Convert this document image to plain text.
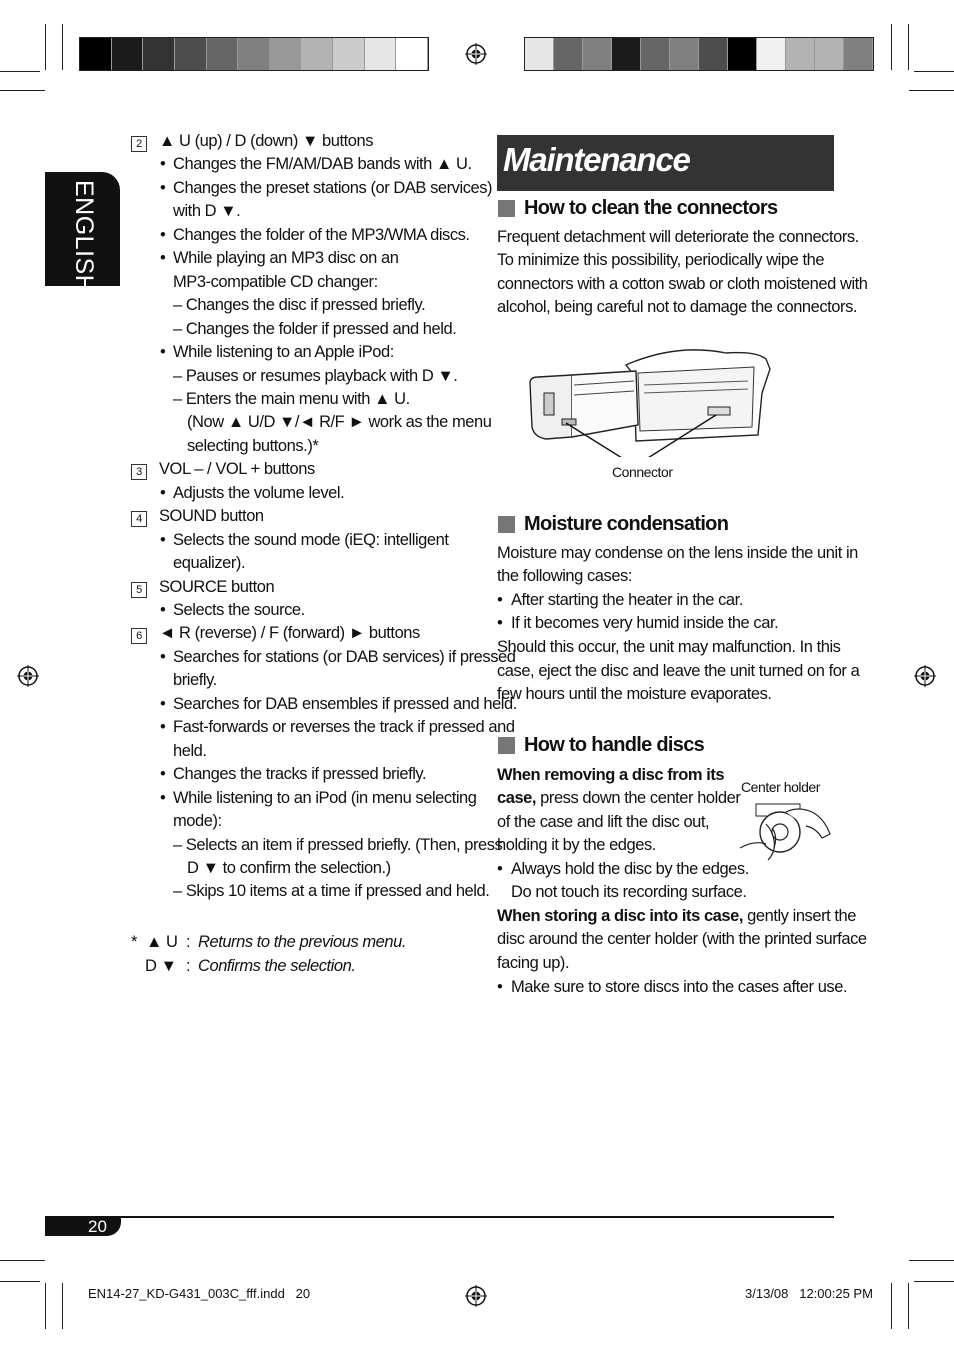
ENGLISH
2	▲ U (up) / D (down) ▼ buttons
• Changes the FM/AM/DAB bands with ▲ U.
• Changes the preset stations (or DAB services)
with D ▼.
• Changes the folder of the MP3/WMA discs.
• While playing an MP3 disc on an
MP3-compatible CD changer:
– Changes the disc if pressed briefly.
– Changes the folder if pressed and held.
• While listening to an Apple iPod:
– Pauses or resumes playback with D ▼.
– Enters the main menu with ▲ U.
(Now ▲ U/D ▼/◄ R/F ► work as the menu
selecting buttons.)*
3	VOL – / VOL + buttons
• Adjusts the volume level.
4	SOUND button
• Selects the sound mode (iEQ: intelligent
equalizer).
5	SOURCE button
• Selects the source.
6	◄ R (reverse) / F (forward) ► buttons
• Searches for stations (or DAB services) if pressed
briefly.
• Searches for DAB ensembles if pressed and held.
• Fast-forwards or reverses the track if pressed and
held.
• Changes the tracks if pressed briefly.
• While listening to an iPod (in menu selecting
mode):
– Selects an item if pressed briefly. (Then, press
D ▼ to confirm the selection.)
– Skips 10 items at a time if pressed and held.
* ▲ U : Returns to the previous menu.
D ▼ : Confirms the selection.
Maintenance
How to clean the connectors
Frequent detachment will deteriorate the connectors.
To minimize this possibility, periodically wipe the
connectors with a cotton swab or cloth moistened with
alcohol, being careful not to damage the connectors.
Connector
Moisture condensation
Moisture may condense on the lens inside the unit in
the following cases:
• After starting the heater in the car.
• If it becomes very humid inside the car.
Should this occur, the unit may malfunction. In this
case, eject the disc and leave the unit turned on for a
few hours until the moisture evaporates.
How to handle discs
When removing a disc from its
case, press down the center holder
of the case and lift the disc out,
holding it by the edges.
Center holder
• Always hold the disc by the edges.
Do not touch its recording surface.
When storing a disc into its case, gently insert the
disc around the center holder (with the printed surface
facing up).
• Make sure to store discs into the cases after use.
20
EN14-27_KD-G431_003C_fff.indd   20	3/13/08   12:00:25 PM
